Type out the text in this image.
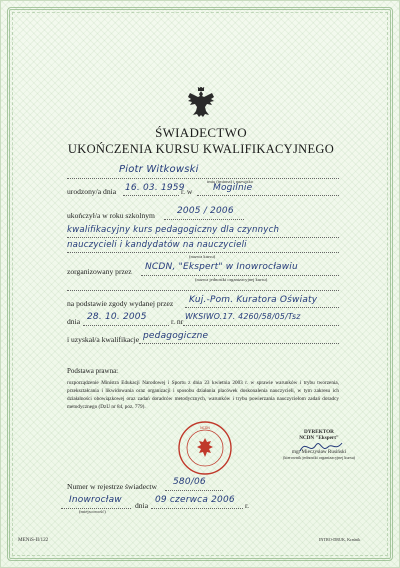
ŚWIADECTWO
UKOŃCZENIA KURSU KWALIFIKACYJNEGO
Piotr Witkowski
imię (imiona) i nazwisko
urodzony/a dnia 16. 03. 1959
r. w Mogilnie
ukończył/a w roku szkolnym 2005 / 2006
kwalifikacyjny kurs pedagogiczny dla czynnych
nauczycieli i kandydatów na nauczycieli
(nazwa kursu)
zorganizowany przez NCDN, "Ekspert" w Inowrocławiu
(nazwa jednostki organizacyjnej kursu)
na podstawie zgody wydanej przez Kuj.-Pom. Kuratora Oświaty
dnia 28. 10. 2005	r. nr
WKSIWO.17. 4260/58/05/Tsz
i uzyskał/a kwalifikacje pedagogiczne
Podstawa prawna:
rozporządzenie Ministra Edukacji Narodowej i Sportu z dnia 23 kwietnia 2003 r. w sprawie warunków i trybu tworzenia, przekształcania i likwidowania oraz organizacji i sposobu działania placówek doskonalenia nauczycieli, w tym zakresu ich działalności obowiązkowej oraz zadań doradców metodycznych, warunków i trybu powierzania nauczycielom zadań doradcy metodycznego (DzU nr 84, poz. 779).
NCDN
DYREKTOR
NCDN "Ekspert"
mgr Mieczysław Rusiński
(kierownik jednostki organizacyjnej kursu)
Numer w rejestrze świadectw 580/06
Inowrocław
(miejscowość)
dnia
09 czerwca 2006
r.
MENiS-II/122	INTRO-DRUK, Kraśnik
